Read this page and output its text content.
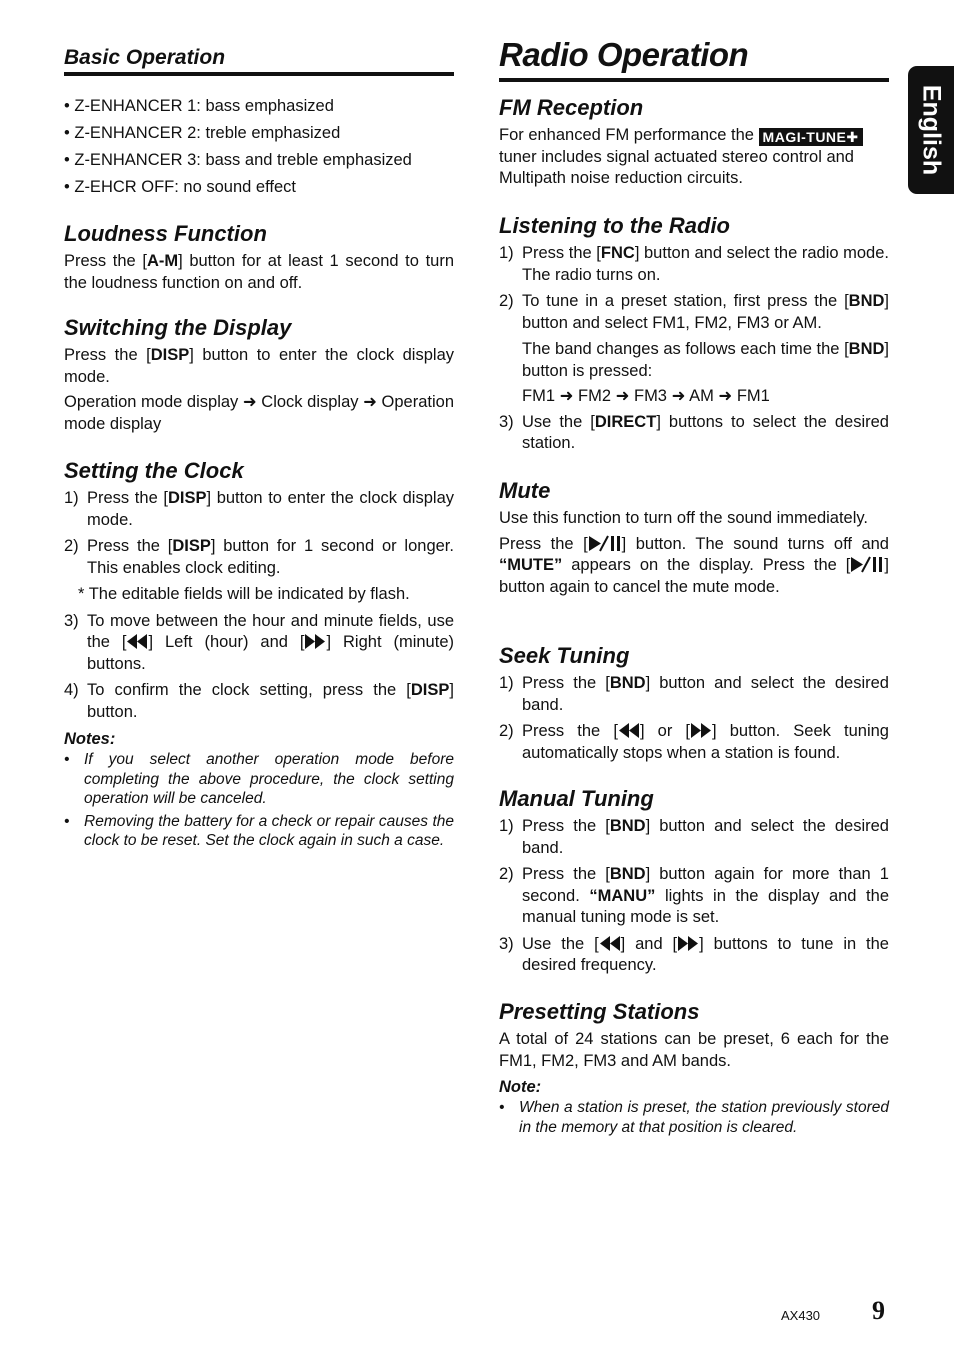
Basic Operation
• Z-ENHANCER 1: bass emphasized
• Z-ENHANCER 2: treble emphasized
• Z-ENHANCER 3: bass and treble emphasized
• Z-EHCR OFF: no sound effect
Loudness Function

Press the [A-M] button for at least 1 second to turn the loudness function on and off.

Switching the Display

Press the [DISP] button to enter the clock display mode.

Operation mode display ➜ Clock display ➜ Operation mode display

Setting the Clock
1) Press the [DISP] button to enter the clock display mode.
2) Press the [DISP] button for 1 second or longer. This enables clock editing.
* The editable fields will be indicated by flash.
3) To move between the hour and minute fields, use the [ ] Left (hour) and [ ] Right (minute) buttons.
4) To confirm the clock setting, press the [DISP] button.
Notes:
• If you select another operation mode before completing the above procedure, the clock setting operation will be canceled.
• Removing the battery for a check or repair causes the clock to be reset. Set the clock again in such a case.
Radio Operation
FM Reception

For enhanced FM performance the MAGI-TUNE✚ tuner includes signal actuated stereo control and Multipath noise reduction circuits.

Listening to the Radio
1) Press the [FNC] button and select the radio mode. The radio turns on.
2) To tune in a preset station, first press the [BND] button and select FM1, FM2, FM3 or AM.
The band changes as follows each time the [BND] button is pressed:
FM1 ➜ FM2 ➜ FM3 ➜ AM ➜ FM1
3) Use the [DIRECT] buttons to select the desired station.
Mute

Use this function to turn off the sound immediately.

Press the [ ] button. The sound turns off and “MUTE” appears on the display. Press the [ ] button again to cancel the mute mode.

Seek Tuning
1) Press the [BND] button and select the desired band.
2) Press the [ ] or [ ] button. Seek tuning automatically stops when a station is found.
Manual Tuning
1) Press the [BND] button and select the desired band.
2) Press the [BND] button again for more than 1 second. “MANU” lights in the display and the manual tuning mode is set.
3) Use the [ ] and [ ] buttons to tune in the desired frequency.
Presetting Stations

A total of 24 stations can be preset, 6 each for the FM1, FM2, FM3 and AM bands.

Note:
• When a station is preset, the station previously stored in the memory at that position is cleared.
English
AX430 9
